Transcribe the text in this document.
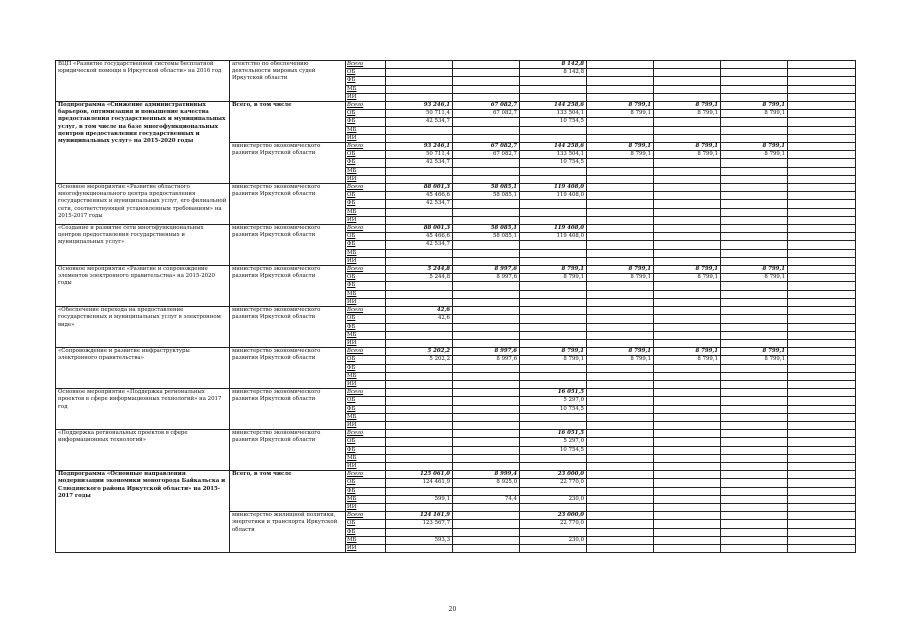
ВЦП «Развитие государственной системы бесплатной юридической помощи в Иркутской области» на 2016 год	агентство по обеспечению деятельности мировых судей Иркутской области	Всего			8 142,8				
		ОБ			8 142,8				
		ФБ							
		МБ							
		ИИ							
Подпрограмма «Снижение административных барьеров, оптимизация и повышение качества предоставления государственных и муниципальных услуг, в том числе на базе многофункциональных центров предоставления государственных и муниципальных услуг» на 2015-2020 годы	Всего, в том числе	Всего	93 246,1	67 082,7	144 258,6	8 799,1	8 799,1	8 799,1	
		ОБ	50 711,4	67 082,7	133 504,1	8 799,1	8 799,1	8 799,1	
		ФБ	42 534,7		10 754,5				
		МБ							
		ИИ							
	министерство экономического развития Иркутской области	Всего	93 246,1	67 082,7	144 258,6	8 799,1	8 799,1	8 799,1	
		ОБ	50 711,4	67 082,7	133 504,1	8 799,1	8 799,1	8 799,1	
		ФБ	42 534,7		10 754,5				
		МБ							
		ИИ							
Основное мероприятие «Развитие областного многофункционального центра предоставления государственных и муниципальных услуг, его филиальной сети, соответствующей установленным требованиям» на 2015-2017 годы	министерство экономического развития Иркутской области	Всего	88 001,3	58 085,1	119 408,0				
		ОБ	45 466,6	58 085,1	119 408,0				
		ФБ	42 534,7						
		МБ							
		ИИ							
«Создание и развитие сети многофункциональных центров предоставления государственных и муниципальных услуг»	министерство экономического развития Иркутской области	Всего	88 001,3	58 085,1	119 408,0				
		ОБ	45 466,6	58 085,1	119 408,0				
		ФБ	42 534,7						
		МБ							
		ИИ							
Основное мероприятие «Развитие и сопровождение элементов электронного правительства» на 2015-2020 годы	министерство экономического развития Иркутской области	Всего	5 244,8	8 997,6	8 799,1	8 799,1	8 799,1	8 799,1	
		ОБ	5 244,8	8 997,6	8 799,1	8 799,1	8 799,1	8 799,1	
		ФБ							
		МБ							
		ИИ							
«Обеспечение перехода на предоставление государственных и муниципальных услуг в электронном виде»	министерство экономического развития Иркутской области	Всего	42,6						
		ОБ	42,6						
		ФБ							
		МБ							
		ИИ							
«Сопровождение и развитие инфраструктуры электронного правительства»	министерство экономического развития Иркутской области	Всего	5 202,2	8 997,6	8 799,1	8 799,1	8 799,1	8 799,1	
		ОБ	5 202,2	8 997,6	8 799,1	8 799,1	8 799,1	8 799,1	
		ФБ							
		МБ							
		ИИ							
Основное мероприятие «Поддержка региональных проектов в сфере информационных технологий» на 2017 год	министерство экономического развития Иркутской области	Всего			16 051,5				
		ОБ			5 297,0				
		ФБ			10 754,5				
		МБ							
		ИИ							
«Поддержка региональных проектов в сфере информационных технологий»	министерство экономического развития Иркутской области	Всего			16 051,5				
		ОБ			5 297,0				
		ФБ			10 754,5				
		МБ							
		ИИ							
Подпрограмма «Основные направления модернизации экономики моногорода Байкальска и Слюдянского района Иркутской области» на 2015-2017 годы	Всего, в том числе	Всего	125 061,0	8 999,4	23 000,0				
		ОБ	124 461,9	8 925,0	22 770,0				
		ФБ							
		МБ	599,1	74,4	230,0				
		ИИ							
	министерство жилищной политики, энергетики и транспорта Иркутской области	Всего	124 161,9		23 000,0				
		ОБ	123 567,7		22 770,0				
		ФБ							
		МБ	593,3		230,0				
		ИИ							
20
